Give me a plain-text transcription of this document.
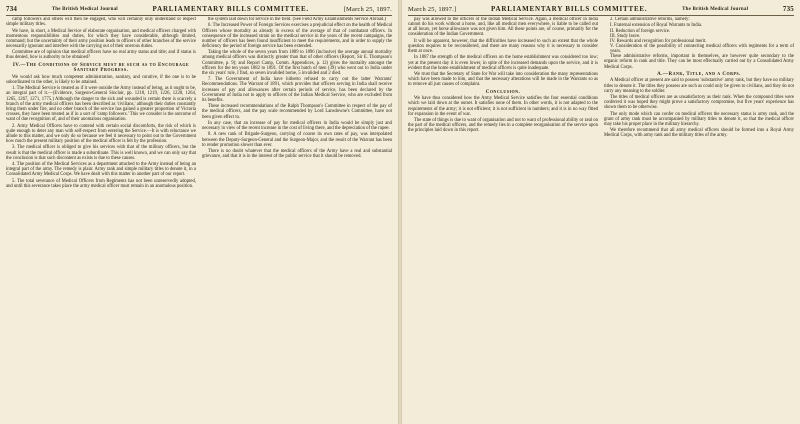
734	The British Medical Journal	PARLIAMENTARY BILLS COMMITTEE.	[March 25, 1897.

camp followers and others will then be engaged, who will certainly only understand or respect simple military titles.

We have, in short, a Medical Service of elaborate organisation, and medical officers charged with momentous responsibilities and duties, for which they have considerable, although limited, command; but the uncertainty of their army position leads to officers of other branches of the service necessarily ignorant and interfere with the carrying out of their onerous duties.

Committee are of opinion that medical officers have no real army status and title; and if status is thus denied, how is authority to be obtained?

IV.—The Conditions of Service must be such as to Encourage Sanitary Progress.

We would ask how much competent administration, sanitary, and curative, if the one is to be subordinated to the other, is likely to be attained.

1. The Medical Service is treated as if it were outside the Army instead of being, as it ought to be, an integral part of it.—(Evidence, Surgeon-General Sinclair, pp. 1218, 1219, 1226, 1228, 1264, 1265, 1267, 1271, 1775.) Although the danger to the sick and wounded is certain there is scarcely a branch of the army medical officers has been described as 'civilians,' although their duties constantly bring them under fire, and no other branch of the service has gained a greater proportion of Victoria crosses, they have been treated as if in a sort of 'camp followers.' This we consider is the outcome of want of due recognition of, and of their anomalous organisation.

2. Army Medical Officers have to contend with certain social discomforts, the risk of which is quite enough to deter any man with self-respect from entering the Service.—It is with reluctance we allude to this matter, and we only do so because we feel it necessary to point out to the Government how much the present military position of the medical officer is felt by the profession.

3. The medical officer is obliged to give his services with that of the military officers, but the result is that the medical officer is made a subordinate. This is well known, and we can only say that the conclusion is that such discontent as exists is due to these causes.

4. The position of the Medical Services as a department attached to the Army instead of being an integral part of the army. The remedy is plain: Army rank and simple military titles to denote it, in a Consolidated Army Medical Corps. We have dealt with this matter in another part of our report.

5. The total severance of Medical Officers from Regiments has not been unreservedly adopted, and until this severance takes place the army medical officer must remain in an anomalous position.

the system laid down for service in the field. (See Field Army Establishments Service Abroad.)

6. The Increased Power of Foreign Services exercises a prejudicial effect on the health of Medical Officers whose mortality as already in excess of the average of that of combatant officers. In consequence of the increased strain on the medical service in the years of the recent campaigns, the number of officers has been found insufficient to meet the requirements, and in order to supply the deficiency the period of foreign service has been extended.

Taking the whole of the seven years from 1889 to 1896 (inclusive) the average annual mortality among medical officers was distinctly greater than that of other officers (Report, Sir E. Thompson's Committee, p. 9); and Report Camp, Comm. Appendices, p. 12) gives the mortality amongst the officers for the ten years 1882 to 1891. Of the first batch of men (39) who went out to India under the six years' rule, I find, so seven invalided home, 5 invalided and 2 died.

7. The Government of India have hitherto refused to carry out the latter Warrants' Recommendations. The Warrant of 1891, which provides that officers serving in India shall receive increases of pay and allowances after certain periods of service, has been declared by the Government of India not to apply to officers of the Indian Medical Service, who are excluded from its benefits.

These increased recommendations of the Ralph Thompson's Committee in respect of the pay of the medical officers, and the pay scale recommended by Lord Lansdowne's Committee, have not been given effect to.

In any case, that an increase of pay for medical officers in India would be simply just and necessary in view of the recent increase in the cost of living there, and the depreciation of the rupee.

8. A new rank of Brigade-Surgeon, carrying of course its own rates of pay, was interpolated between the Deputy-Surgeon-General and the Surgeon-Major, and the result of the Warrant has been to render promotion slower than ever.

There is no doubt whatever that the medical officers of the Army have a real and substantial grievance, and that it is in the interest of the public service that it should be removed.

March 25, 1897.]	PARLIAMENTARY BILLS COMMITTEE.	The British Medical Journal	735

pay was allowed to the officers of the Indian Medical Service. Again, a medical officer in India cannot do his work without a horse, and, like all medical men everywhere, is liable to be called out at all hours, yet horse allowance was not given him. All these points are, of course, primarily for the consideration of the Indian Government.

It will be apparent, however, that the difficulties have increased to such an extent that the whole question requires to be reconsidered, and there are many reasons why it is necessary to consider them at once.

In 1887 the strength of the medical officers on the home establishment was considered too low; yet at the present day it is even lower, in spite of the increased demands upon the service, and it is evident that the home establishment of medical officers is quite inadequate.

We trust that the Secretary of State for War will take into consideration the many representations which have been made to him, and that the necessary alterations will be made in the Warrants so as to remove all just causes of complaint.

Conclusion.

We have thus considered how the Army Medical Service satisfies the four essential conditions which we laid down at the outset. It satisfies none of them. In other words, it is not adapted to the requirements of the army; it is not efficient; it is not sufficient in numbers; and it is in no way fitted for expansion in the event of war.

The state of things is due to want of organisation and not to want of professional ability or zeal on the part of the medical officers, and the remedy lies in a complete reorganisation of the service upon the principles laid down in this report.

2. Certain administrative reforms, namely:

I. Fraternal extension of Royal Warrants to India.

II. Reduction of foreign service.

III. Study leave.

IV. Rewards and recognition for professional merit.

V. Consideration of the possibility of connecting medical officers with regiments for a term of years.

These administrative reforms, important in themselves, are however quite secondary to the organic reform in rank and title. They can be most effectually carried out by a Consolidated Army Medical Corps.

A.—Rank, Title, and a Corps.

A Medical officer at present are said to possess 'substantive' army rank, but they have no military titles to denote it. The titles they possess are such as could only be given to civilians, and they do not carry any meaning to the soldier.

The titles of medical officers are as unsatisfactory as their rank. When the compound titles were conferred it was hoped they might prove a satisfactory compromise, but five years' experience has shown them to be otherwise.

The only mode which can confer on medical officers the necessary status is army rank, and the grant of army rank must be accompanied by military titles to denote it, so that the medical officer may take his proper place in the military hierarchy.

We therefore recommend that all army medical officers should be formed into a Royal Army Medical Corps, with army rank and the military titles of the army.
